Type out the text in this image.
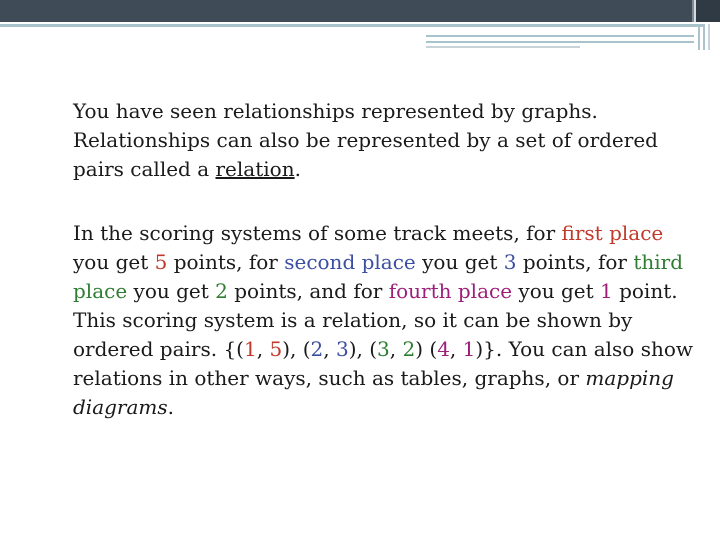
You have seen relationships represented by graphs. Relationships can also be represented by a set of ordered pairs called a relation.

In the scoring systems of some track meets, for first place you get 5 points, for second place you get 3 points, for third place you get 2 points, and for fourth place you get 1 point. This scoring system is a relation, so it can be shown by ordered pairs. {(1, 5), (2, 3), (3, 2) (4, 1)}. You can also show relations in other ways, such as tables, graphs, or mapping diagrams.
